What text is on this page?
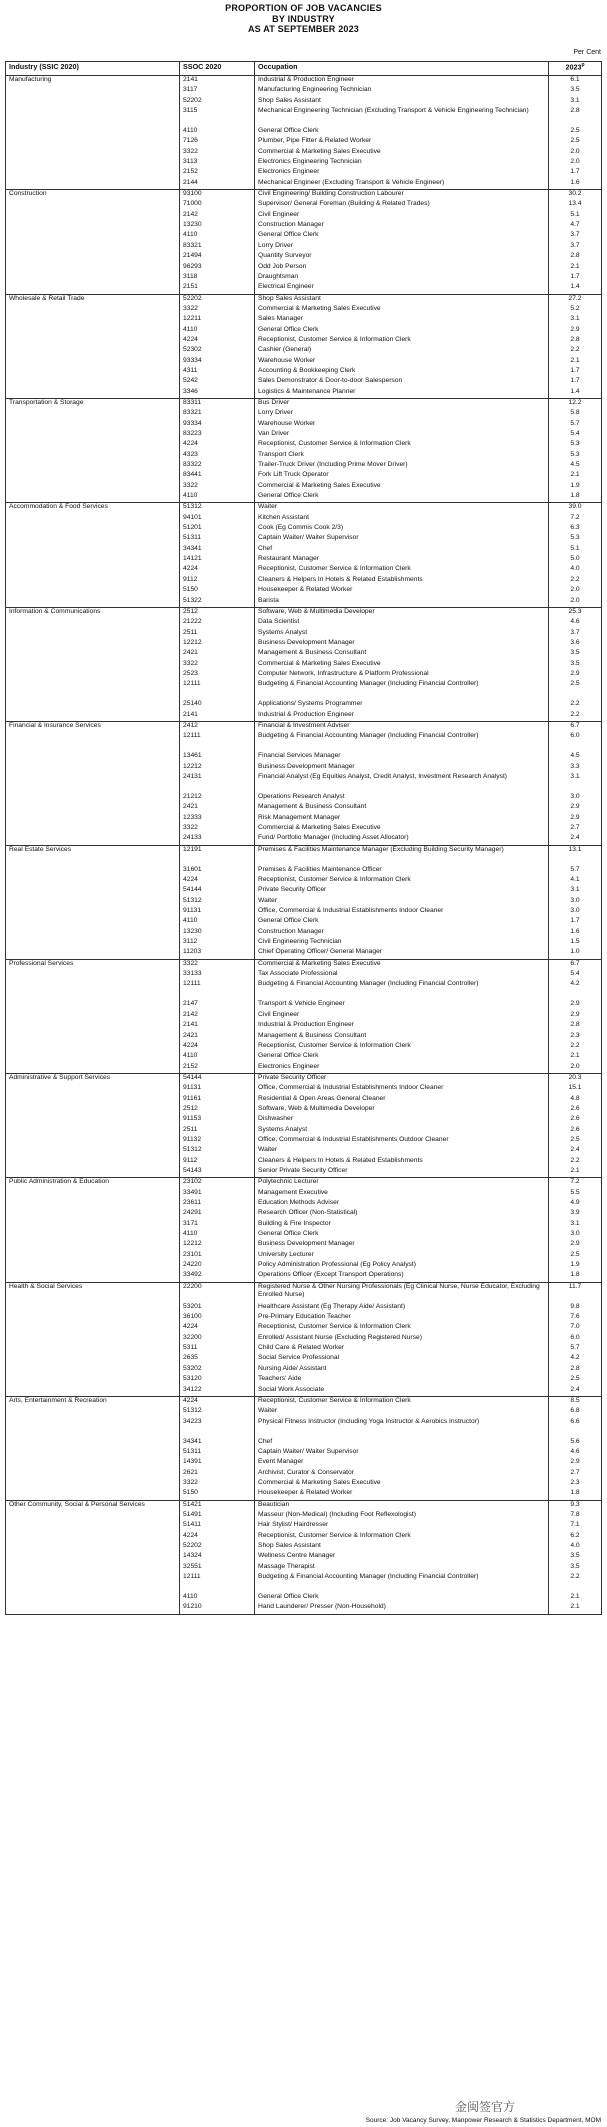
PROPORTION OF JOB VACANCIES
BY INDUSTRY
AS AT SEPTEMBER 2023
Per Cent
Industry (SSIC 2020)	SSOC 2020	Occupation	2023$^p$
Manufacturing	2141	Industrial & Production Engineer	6.1
	3117	Manufacturing Engineering Technician	3.5
	52202	Shop Sales Assistant	3.1
	3115	Mechanical Engineering Technician (Excluding Transport & Vehicle Engineering Technician)	2.8
	4110	General Office Clerk	2.5
	7126	Plumber, Pipe Fitter & Related Worker	2.5
	3322	Commercial & Marketing Sales Executive	2.0
	3113	Electronics Engineering Technician	2.0
	2152	Electronics Engineer	1.7
	2144	Mechanical Engineer (Excluding Transport & Vehicle Engineer)	1.6
Construction	93100	Civil Engineering/ Building Construction Labourer	30.2
	71000	Supervisor/ General Foreman (Building & Related Trades)	13.4
	2142	Civil Engineer	5.1
	13230	Construction Manager	4.7
	4110	General Office Clerk	3.7
	83321	Lorry Driver	3.7
	21494	Quantity Surveyor	2.8
	96293	Odd Job Person	2.1
	3118	Draughtsman	1.7
	2151	Electrical Engineer	1.4
Wholesale & Retail Trade	52202	Shop Sales Assistant	27.2
	3322	Commercial & Marketing Sales Executive	5.2
	12211	Sales Manager	3.1
	4110	General Office Clerk	2.9
	4224	Receptionist, Customer Service & Information Clerk	2.8
	52302	Cashier (General)	2.2
	93334	Warehouse Worker	2.1
	4311	Accounting & Bookkeeping Clerk	1.7
	5242	Sales Demonstrator & Door-to-door Salesperson	1.7
	3346	Logistics & Maintenance Planner	1.4
Transportation & Storage	83311	Bus Driver	12.2
	83321	Lorry Driver	5.8
	93334	Warehouse Worker	5.7
	83223	Van Driver	5.4
	4224	Receptionist, Customer Service & Information Clerk	5.3
	4323	Transport Clerk	5.3
	83322	Trailer-Truck Driver (Including Prime Mover Driver)	4.5
	83441	Fork Lift Truck Operator	2.1
	3322	Commercial & Marketing Sales Executive	1.9
	4110	General Office Clerk	1.8
Accommodation & Food Services	51312	Waiter	39.0
	94101	Kitchen Assistant	7.2
	51201	Cook (Eg Commis Cook 2/3)	6.3
	51311	Captain Waiter/ Waiter Supervisor	5.3
	34341	Chef	5.1
	14121	Restaurant Manager	5.0
	4224	Receptionist, Customer Service & Information Clerk	4.0
	9112	Cleaners & Helpers In Hotels & Related Establishments	2.2
	5150	Housekeeper & Related Worker	2.0
	51322	Barista	2.0
Information & Communications	2512	Software, Web & Multimedia Developer	25.3
	21222	Data Scientist	4.6
	2511	Systems Analyst	3.7
	12212	Business Development Manager	3.6
	2421	Management & Business Consultant	3.5
	3322	Commercial & Marketing Sales Executive	3.5
	2523	Computer Network, Infrastructure & Platform Professional	2.9
	12111	Budgeting & Financial Accounting Manager (Including Financial Controller)	2.5
	25140	Applications/ Systems Programmer	2.2
	2141	Industrial & Production Engineer	2.2
Financial & Insurance Services	2412	Financial & Investment Adviser	6.7
	12111	Budgeting & Financial Accounting Manager (Including Financial Controller)	6.0
	13461	Financial Services Manager	4.5
	12212	Business Development Manager	3.3
	24131	Financial Analyst (Eg Equities Analyst, Credit Analyst, Investment Research Analyst)	3.1
	21212	Operations Research Analyst	3.0
	2421	Management & Business Consultant	2.9
	12333	Risk Management Manager	2.9
	3322	Commercial & Marketing Sales Executive	2.7
	24133	Fund/ Portfolio Manager (Including Asset Allocator)	2.4
Real Estate Services	12191	Premises & Facilities Maintenance Manager (Excluding Building Security Manager)	13.1
	31601	Premises & Facilities Maintenance Officer	5.7
	4224	Receptionist, Customer Service & Information Clerk	4.1
	54144	Private Security Officer	3.1
	51312	Waiter	3.0
	91131	Office, Commercial & Industrial Establishments Indoor Cleaner	3.0
	4110	General Office Clerk	1.7
	13230	Construction Manager	1.6
	3112	Civil Engineering Technician	1.5
	11203	Chief Operating Officer/ General Manager	1.0
Professional Services	3322	Commercial & Marketing Sales Executive	6.7
	33133	Tax Associate Professional	5.4
	12111	Budgeting & Financial Accounting Manager (Including Financial Controller)	4.2
	2147	Transport & Vehicle Engineer	2.9
	2142	Civil Engineer	2.9
	2141	Industrial & Production Engineer	2.8
	2421	Management & Business Consultant	2.3
	4224	Receptionist, Customer Service & Information Clerk	2.2
	4110	General Office Clerk	2.1
	2152	Electronics Engineer	2.0
Administrative & Support Services	54144	Private Security Officer	20.3
	91131	Office, Commercial & Industrial Establishments Indoor Cleaner	15.1
	91161	Residential & Open Areas General Cleaner	4.8
	2512	Software, Web & Multimedia Developer	2.6
	91153	Dishwasher	2.6
	2511	Systems Analyst	2.6
	91132	Office, Commercial & Industrial Establishments Outdoor Cleaner	2.5
	51312	Waiter	2.4
	9112	Cleaners & Helpers In Hotels & Related Establishments	2.2
	54143	Senior Private Security Officer	2.1
Public Administration & Education	23102	Polytechnic Lecturer	7.2
	33491	Management Executive	5.5
	23611	Education Methods Adviser	4.9
	24291	Research Officer (Non-Statistical)	3.9
	3171	Building & Fire Inspector	3.1
	4110	General Office Clerk	3.0
	12212	Business Development Manager	2.9
	23101	University Lecturer	2.5
	24220	Policy Administration Professional (Eg Policy Analyst)	1.9
	33492	Operations Officer (Except Transport Operations)	1.8
Health & Social Services	22200	Registered Nurse & Other Nursing Professionals (Eg Clinical Nurse, Nurse Educator, Excluding Enrolled Nurse)	11.7
	53201	Healthcare Assistant (Eg Therapy Aide/ Assistant)	9.8
	36100	Pre-Primary Education Teacher	7.6
	4224	Receptionist, Customer Service & Information Clerk	7.0
	32200	Enrolled/ Assistant Nurse (Excluding Registered Nurse)	6.0
	5311	Child Care & Related Worker	5.7
	2635	Social Service Professional	4.2
	53202	Nursing Aide/ Assistant	2.8
	53120	Teachers' Aide	2.5
	34122	Social Work Associate	2.4
Arts, Entertainment & Recreation	4224	Receptionist, Customer Service & Information Clerk	8.5
	51312	Waiter	6.8
	34223	Physical Fitness Instructor (Including Yoga Instructor & Aerobics Instructor)	6.6
	34341	Chef	5.6
	51311	Captain Waiter/ Waiter Supervisor	4.6
	14391	Event Manager	2.9
	2621	Archivist, Curator & Conservator	2.7
	3322	Commercial & Marketing Sales Executive	2.3
	5150	Housekeeper & Related Worker	1.8
Other Community, Social & Personal Services	51421	Beautician	9.3
	51491	Masseur (Non-Medical) (Including Foot Reflexologist)	7.8
	51411	Hair Stylist/ Hairdresser	7.1
	4224	Receptionist, Customer Service & Information Clerk	6.2
	52202	Shop Sales Assistant	4.0
	14324	Wellness Centre Manager	3.5
	32551	Massage Therapist	3.5
	12111	Budgeting & Financial Accounting Manager (Including Financial Controller)	2.2
	4110	General Office Clerk	2.1
	91210	Hand Launderer/ Presser (Non-Household)	2.1
Source: Job Vacancy Survey, Manpower Research & Statistics Department, MOM
金闽签官方
